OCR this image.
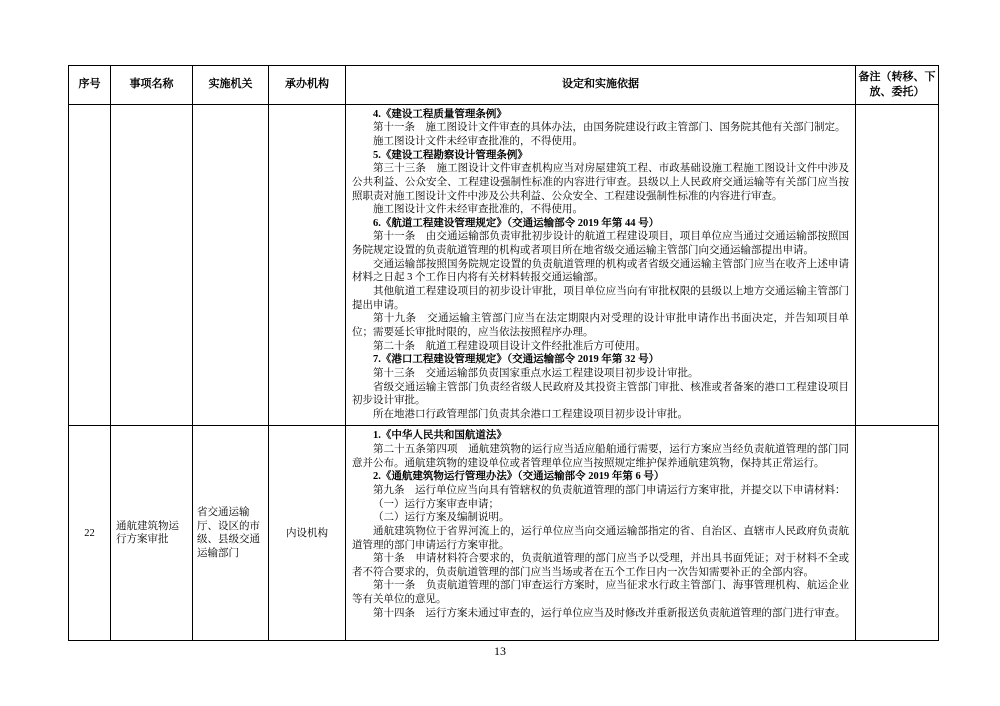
序号	事项名称	实施机关	承办机构	设定和实施依据	备注（转移、下放、委托）

4.《建设工程质量管理条例》
第十一条　施工图设计文件审查的具体办法，由国务院建设行政主管部门、国务院其他有关部门制定。
施工图设计文件未经审查批准的，不得使用。
5.《建设工程勘察设计管理条例》
第三十三条　施工图设计文件审查机构应当对房屋建筑工程、市政基础设施工程施工图设计文件中涉及公共利益、公众安全、工程建设强制性标准的内容进行审查。县级以上人民政府交通运输等有关部门应当按照职责对施工图设计文件中涉及公共利益、公众安全、工程建设强制性标准的内容进行审查。
施工图设计文件未经审查批准的，不得使用。
6.《航道工程建设管理规定》（交通运输部令 2019 年第 44 号）
第十一条　由交通运输部负责审批初步设计的航道工程建设项目，项目单位应当通过交通运输部按照国务院规定设置的负责航道管理的机构或者项目所在地省级交通运输主管部门向交通运输部提出申请。
交通运输部按照国务院规定设置的负责航道管理的机构或者省级交通运输主管部门应当在收齐上述申请材料之日起 3 个工作日内将有关材料转报交通运输部。
其他航道工程建设项目的初步设计审批，项目单位应当向有审批权限的县级以上地方交通运输主管部门提出申请。
第十九条　交通运输主管部门应当在法定期限内对受理的设计审批申请作出书面决定，并告知项目单位；需要延长审批时限的，应当依法按照程序办理。
第二十条　航道工程建设项目设计文件经批准后方可使用。
7.《港口工程建设管理规定》（交通运输部令 2019 年第 32 号）
第十三条　交通运输部负责国家重点水运工程建设项目初步设计审批。
省级交通运输主管部门负责经省级人民政府及其投资主管部门审批、核准或者备案的港口工程建设项目初步设计审批。
所在地港口行政管理部门负责其余港口工程建设项目初步设计审批。

22	通航建筑物运行方案审批	省交通运输厅、设区的市级、县级交通运输部门	内设机构	
1.《中华人民共和国航道法》
第二十五条第四项　通航建筑物的运行应当适应船舶通行需要，运行方案应当经负责航道管理的部门同意并公布。通航建筑物的建设单位或者管理单位应当按照规定维护保养通航建筑物，保持其正常运行。
2.《通航建筑物运行管理办法》（交通运输部令 2019 年第 6 号）
第九条　运行单位应当向具有管辖权的负责航道管理的部门申请运行方案审批，并提交以下申请材料：
（一）运行方案审查申请；
（二）运行方案及编制说明。
通航建筑物位于省界河流上的，运行单位应当向交通运输部指定的省、自治区、直辖市人民政府负责航道管理的部门申请运行方案审批。
第十条　申请材料符合要求的，负责航道管理的部门应当予以受理，并出具书面凭证；对于材料不全或者不符合要求的，负责航道管理的部门应当当场或者在五个工作日内一次告知需要补正的全部内容。
第十一条　负责航道管理的部门审查运行方案时，应当征求水行政主管部门、海事管理机构、航运企业等有关单位的意见。
第十四条　运行方案未通过审查的，运行单位应当及时修改并重新报送负责航道管理的部门进行审查。

13
